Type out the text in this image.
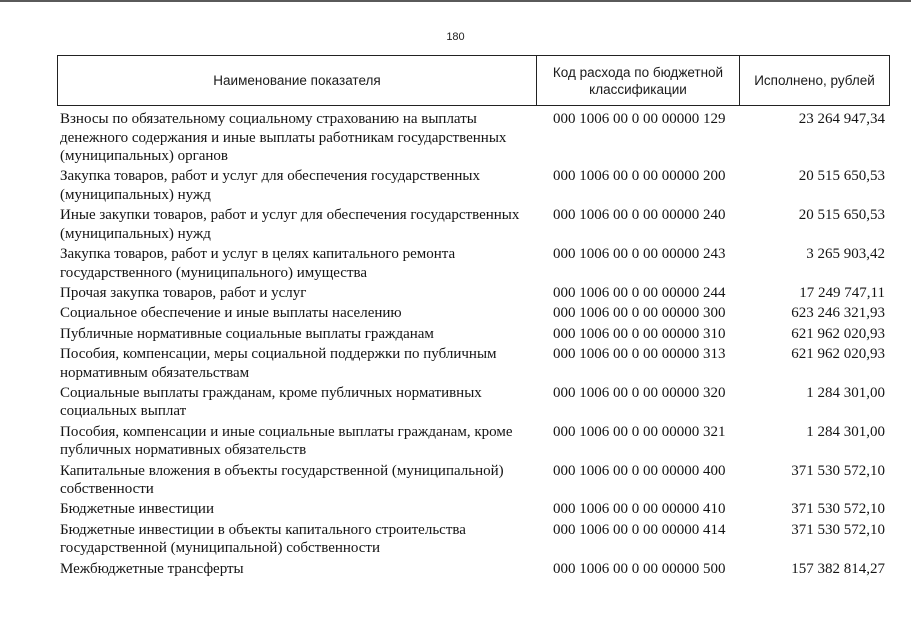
180
Наименование показателя
Код расхода по бюджетной классификации
Исполнено, рублей
Взносы по обязательному социальному страхованию на выплаты денежного содержания и иные выплаты работникам государственных (муниципальных) органов
000 1006 00 0 00 00000 129	23 264 947,34
Закупка товаров, работ и услуг для обеспечения государственных (муниципальных) нужд
000 1006 00 0 00 00000 200	20 515 650,53
Иные закупки товаров, работ и услуг для обеспечения государственных (муниципальных) нужд
000 1006 00 0 00 00000 240	20 515 650,53
Закупка товаров, работ и услуг в целях капитального ремонта государственного (муниципального) имущества
000 1006 00 0 00 00000 243	3 265 903,42
Прочая закупка товаров, работ и услуг	000 1006 00 0 00 00000 244	17 249 747,11
Социальное обеспечение и иные выплаты населению	000 1006 00 0 00 00000 300	623 246 321,93
Публичные нормативные социальные выплаты гражданам	000 1006 00 0 00 00000 310	621 962 020,93
Пособия, компенсации, меры социальной поддержки по публичным нормативным обязательствам
000 1006 00 0 00 00000 313	621 962 020,93
Социальные выплаты гражданам, кроме публичных нормативных социальных выплат
000 1006 00 0 00 00000 320	1 284 301,00
Пособия, компенсации и иные социальные выплаты гражданам, кроме публичных нормативных обязательств
000 1006 00 0 00 00000 321	1 284 301,00
Капитальные вложения в объекты государственной (муниципальной) собственности
000 1006 00 0 00 00000 400	371 530 572,10
Бюджетные инвестиции	000 1006 00 0 00 00000 410	371 530 572,10
Бюджетные инвестиции в объекты капитального строительства государственной (муниципальной) собственности
000 1006 00 0 00 00000 414	371 530 572,10
Межбюджетные трансферты	000 1006 00 0 00 00000 500	157 382 814,27
